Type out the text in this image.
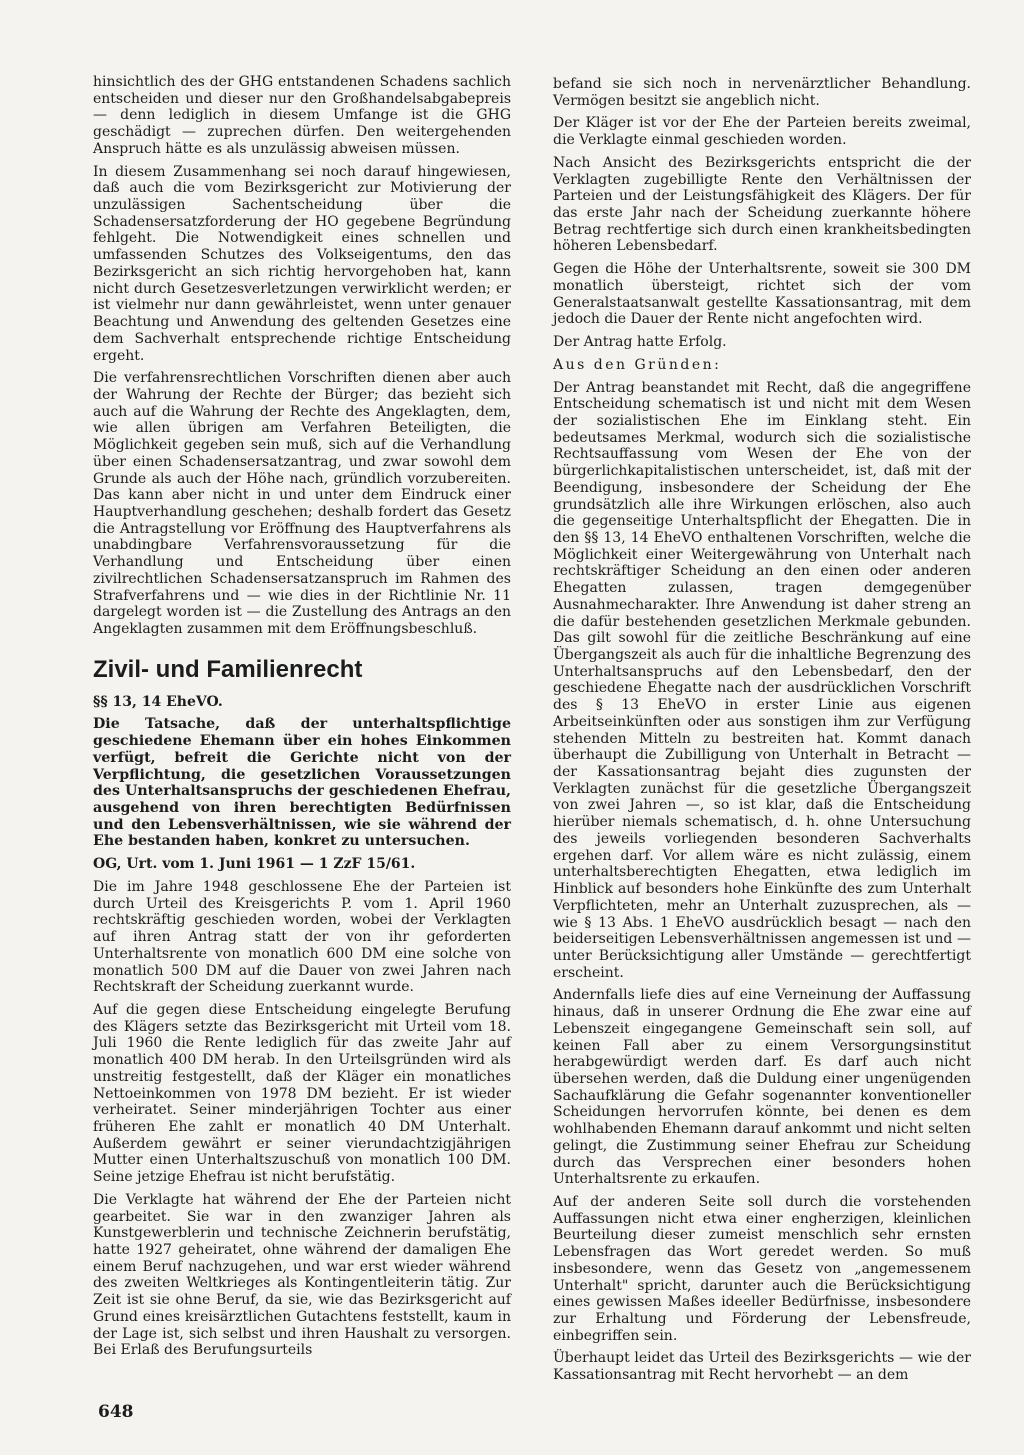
hinsichtlich des der GHG entstandenen Schadens sachlich entscheiden und dieser nur den Großhandelsabgabepreis — denn lediglich in diesem Umfange ist die GHG geschädigt — zuprechen dürfen. Den weitergehenden Anspruch hätte es als unzulässig abweisen müssen.

In diesem Zusammenhang sei noch darauf hingewiesen, daß auch die vom Bezirksgericht zur Motivierung der unzulässigen Sachentscheidung über die Schadensersatzforderung der HO gegebene Begründung fehlgeht. Die Notwendigkeit eines schnellen und umfassenden Schutzes des Volkseigentums, den das Bezirksgericht an sich richtig hervorgehoben hat, kann nicht durch Gesetzesverletzungen verwirklicht werden; er ist vielmehr nur dann gewährleistet, wenn unter genauer Beachtung und Anwendung des geltenden Gesetzes eine dem Sachverhalt entsprechende richtige Entscheidung ergeht.

Die verfahrensrechtlichen Vorschriften dienen aber auch der Wahrung der Rechte der Bürger; das bezieht sich auch auf die Wahrung der Rechte des Angeklagten, dem, wie allen übrigen am Verfahren Beteiligten, die Möglichkeit gegeben sein muß, sich auf die Verhandlung über einen Schadensersatzantrag, und zwar sowohl dem Grunde als auch der Höhe nach, gründlich vorzubereiten. Das kann aber nicht in und unter dem Eindruck einer Hauptverhandlung geschehen; deshalb fordert das Gesetz die Antragstellung vor Eröffnung des Hauptverfahrens als unabdingbare Verfahrensvoraussetzung für die Verhandlung und Entscheidung über einen zivilrechtlichen Schadensersatzanspruch im Rahmen des Strafverfahrens und — wie dies in der Richtlinie Nr. 11 dargelegt worden ist — die Zustellung des Antrags an den Angeklagten zusammen mit dem Eröffnungsbeschluß.

Zivil- und Familienrecht

§§ 13, 14 EheVO.

Die Tatsache, daß der unterhaltspflichtige geschiedene Ehemann über ein hohes Einkommen verfügt, befreit die Gerichte nicht von der Verpflichtung, die gesetzlichen Voraussetzungen des Unterhaltsanspruchs der geschiedenen Ehefrau, ausgehend von ihren berechtigten Bedürfnissen und den Lebensverhältnissen, wie sie während der Ehe bestanden haben, konkret zu untersuchen.

OG, Urt. vom 1. Juni 1961 — 1 ZzF 15/61.

Die im Jahre 1948 geschlossene Ehe der Parteien ist durch Urteil des Kreisgerichts P. vom 1. April 1960 rechtskräftig geschieden worden, wobei der Verklagten auf ihren Antrag statt der von ihr geforderten Unterhaltsrente von monatlich 600 DM eine solche von monatlich 500 DM auf die Dauer von zwei Jahren nach Rechtskraft der Scheidung zuerkannt wurde.

Auf die gegen diese Entscheidung eingelegte Berufung des Klägers setzte das Bezirksgericht mit Urteil vom 18. Juli 1960 die Rente lediglich für das zweite Jahr auf monatlich 400 DM herab. In den Urteilsgründen wird als unstreitig festgestellt, daß der Kläger ein monatliches Nettoeinkommen von 1978 DM bezieht. Er ist wieder verheiratet. Seiner minderjährigen Tochter aus einer früheren Ehe zahlt er monatlich 40 DM Unterhalt. Außerdem gewährt er seiner vierundachtzigjährigen Mutter einen Unterhaltszuschuß von monatlich 100 DM. Seine jetzige Ehefrau ist nicht berufstätig.

Die Verklagte hat während der Ehe der Parteien nicht gearbeitet. Sie war in den zwanziger Jahren als Kunstgewerblerin und technische Zeichnerin berufstätig, hatte 1927 geheiratet, ohne während der damaligen Ehe einem Beruf nachzugehen, und war erst wieder während des zweiten Weltkrieges als Kontingentleiterin tätig. Zur Zeit ist sie ohne Beruf, da sie, wie das Bezirksgericht auf Grund eines kreisärztlichen Gutachtens feststellt, kaum in der Lage ist, sich selbst und ihren Haushalt zu versorgen. Bei Erlaß des Berufungsurteils

befand sie sich noch in nervenärztlicher Behandlung. Vermögen besitzt sie angeblich nicht.

Der Kläger ist vor der Ehe der Parteien bereits zweimal, die Verklagte einmal geschieden worden.

Nach Ansicht des Bezirksgerichts entspricht die der Verklagten zugebilligte Rente den Verhältnissen der Parteien und der Leistungsfähigkeit des Klägers. Der für das erste Jahr nach der Scheidung zuerkannte höhere Betrag rechtfertige sich durch einen krankheitsbedingten höheren Lebensbedarf.

Gegen die Höhe der Unterhaltsrente, soweit sie 300 DM monatlich übersteigt, richtet sich der vom Generalstaatsanwalt gestellte Kassationsantrag, mit dem jedoch die Dauer der Rente nicht angefochten wird.

Der Antrag hatte Erfolg.

Aus den Gründen:

Der Antrag beanstandet mit Recht, daß die angegriffene Entscheidung schematisch ist und nicht mit dem Wesen der sozialistischen Ehe im Einklang steht. Ein bedeutsames Merkmal, wodurch sich die sozialistische Rechtsauffassung vom Wesen der Ehe von der bürgerlichkapitalistischen unterscheidet, ist, daß mit der Beendigung, insbesondere der Scheidung der Ehe grundsätzlich alle ihre Wirkungen erlöschen, also auch die gegenseitige Unterhaltspflicht der Ehegatten. Die in den §§ 13, 14 EheVO enthaltenen Vorschriften, welche die Möglichkeit einer Weitergewährung von Unterhalt nach rechtskräftiger Scheidung an den einen oder anderen Ehegatten zulassen, tragen demgegenüber Ausnahmecharakter. Ihre Anwendung ist daher streng an die dafür bestehenden gesetzlichen Merkmale gebunden. Das gilt sowohl für die zeitliche Beschränkung auf eine Übergangszeit als auch für die inhaltliche Begrenzung des Unterhaltsanspruchs auf den Lebensbedarf, den der geschiedene Ehegatte nach der ausdrücklichen Vorschrift des § 13 EheVO in erster Linie aus eigenen Arbeitseinkünften oder aus sonstigen ihm zur Verfügung stehenden Mitteln zu bestreiten hat. Kommt danach überhaupt die Zubilligung von Unterhalt in Betracht — der Kassationsantrag bejaht dies zugunsten der Verklagten zunächst für die gesetzliche Übergangszeit von zwei Jahren —, so ist klar, daß die Entscheidung hierüber niemals schematisch, d. h. ohne Untersuchung des jeweils vorliegenden besonderen Sachverhalts ergehen darf. Vor allem wäre es nicht zulässig, einem unterhaltsberechtigten Ehegatten, etwa lediglich im Hinblick auf besonders hohe Einkünfte des zum Unterhalt Verpflichteten, mehr an Unterhalt zuzusprechen, als — wie § 13 Abs. 1 EheVO ausdrücklich besagt — nach den beiderseitigen Lebensverhältnissen angemessen ist und — unter Berücksichtigung aller Umstände — gerechtfertigt erscheint.

Andernfalls liefe dies auf eine Verneinung der Auffassung hinaus, daß in unserer Ordnung die Ehe zwar eine auf Lebenszeit eingegangene Gemeinschaft sein soll, auf keinen Fall aber zu einem Versorgungsinstitut herabgewürdigt werden darf. Es darf auch nicht übersehen werden, daß die Duldung einer ungenügenden Sachaufklärung die Gefahr sogenannter konventioneller Scheidungen hervorrufen könnte, bei denen es dem wohlhabenden Ehemann darauf ankommt und nicht selten gelingt, die Zustimmung seiner Ehefrau zur Scheidung durch das Versprechen einer besonders hohen Unterhaltsrente zu erkaufen.

Auf der anderen Seite soll durch die vorstehenden Auffassungen nicht etwa einer engherzigen, kleinlichen Beurteilung dieser zumeist menschlich sehr ernsten Lebensfragen das Wort geredet werden. So muß insbesondere, wenn das Gesetz von „angemessenem Unterhalt" spricht, darunter auch die Berücksichtigung eines gewissen Maßes ideeller Bedürfnisse, insbesondere zur Erhaltung und Förderung der Lebensfreude, einbegriffen sein.

Überhaupt leidet das Urteil des Bezirksgerichts — wie der Kassationsantrag mit Recht hervorhebt — an dem

648
